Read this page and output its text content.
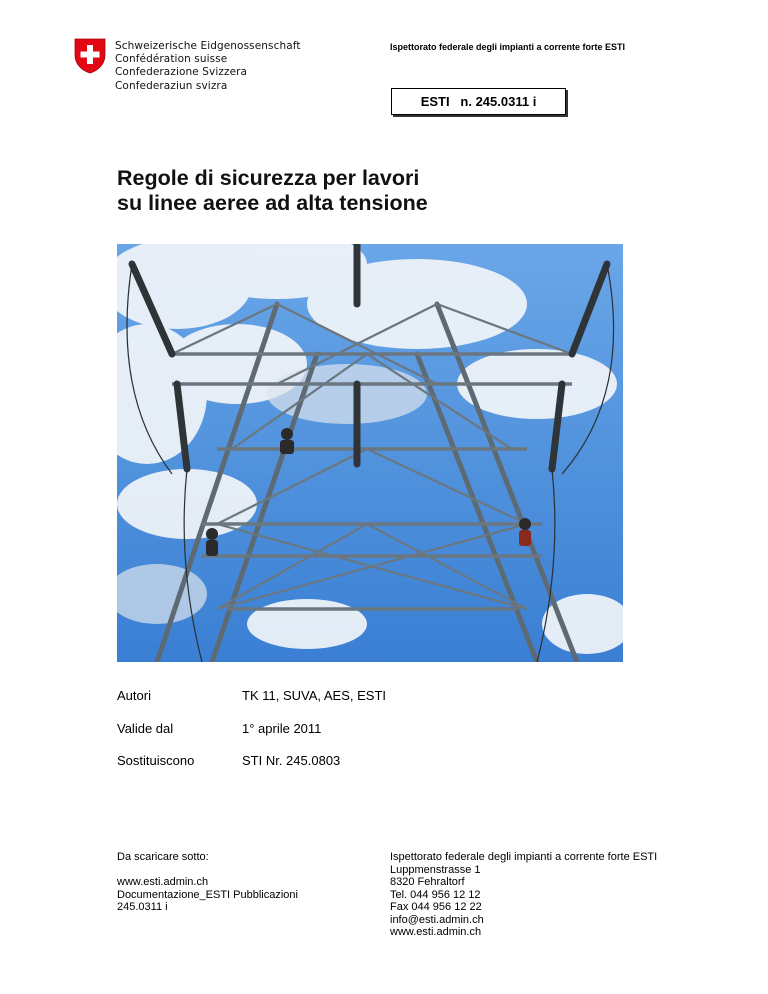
Schweizerische Eidgenossenschaft
Confédération suisse
Confederazione Svizzera
Confederaziun svizra
Ispettorato federale degli impianti a corrente forte ESTI
ESTI   n. 245.0311 i
Regole di sicurezza per lavori
su linee aeree ad alta tensione
Autori	TK 11, SUVA, AES, ESTI
Valide dal	1° aprile 2011
Sostituiscono	STI Nr. 245.0803
Da scaricare sotto:
www.esti.admin.ch
Documentazione_ESTI Pubblicazioni
245.0311 i
Ispettorato federale degli impianti a corrente forte ESTI
Luppmenstrasse 1
8320 Fehraltorf
Tel. 044 956 12 12
Fax 044 956 12 22
info@esti.admin.ch
www.esti.admin.ch
